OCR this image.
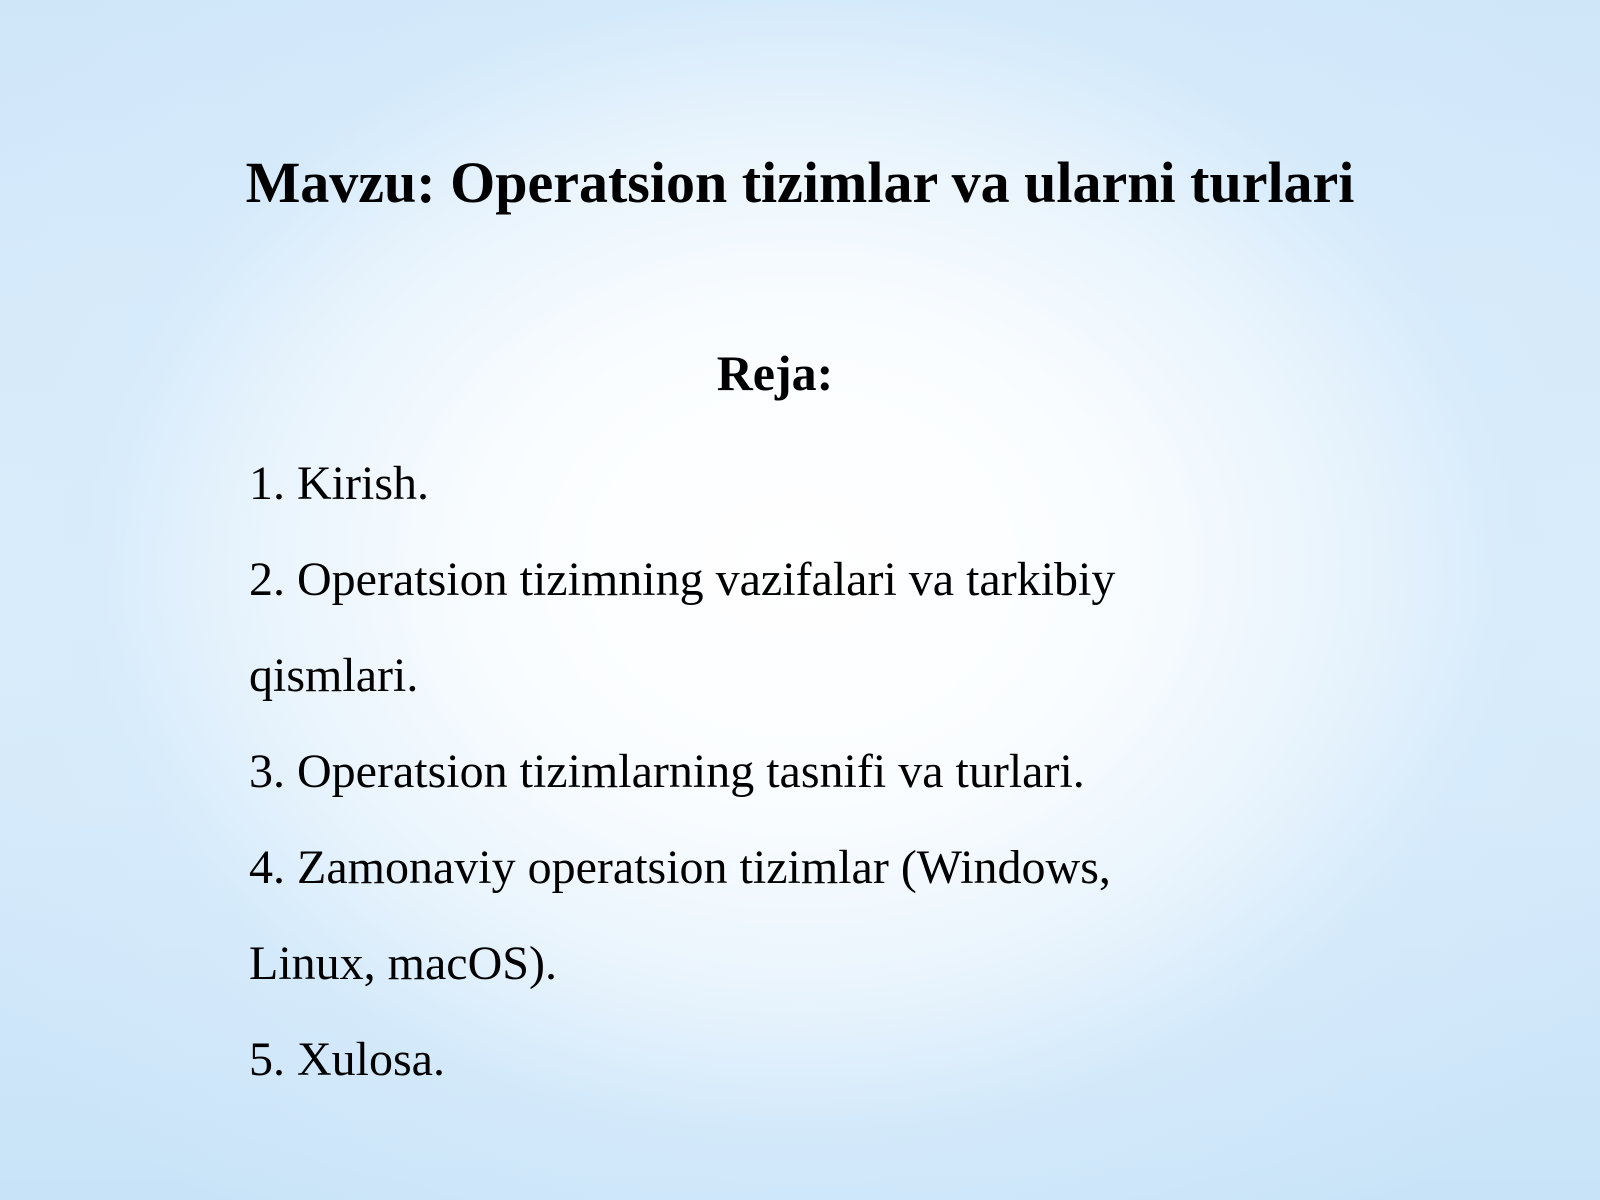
Mavzu: Operatsion tizimlar va ularni turlari
Reja:
1. Kirish.
2. Operatsion tizimning vazifalari va tarkibiy qismlari.
3. Operatsion tizimlarning tasnifi va turlari.
4. Zamonaviy operatsion tizimlar (Windows, Linux, macOS).
5. Xulosa.
